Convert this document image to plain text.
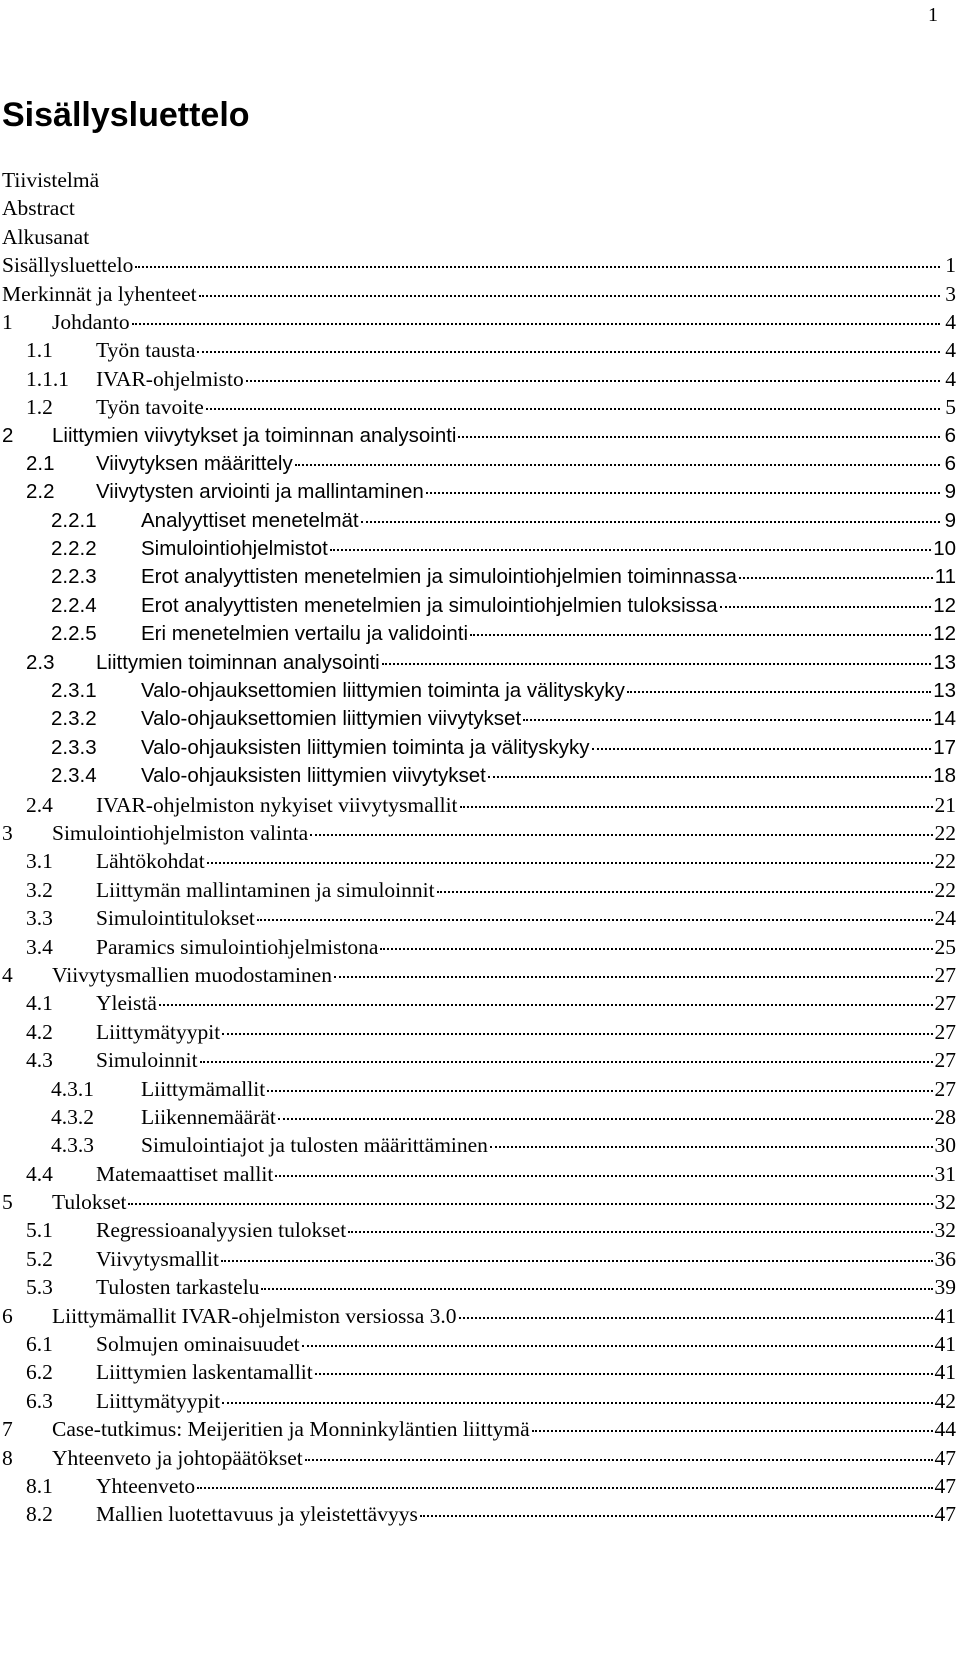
1
Sisällysluettelo
Tiivistelmä
Abstract
Alkusanat
Sisällysluettelo	1
Merkinnät ja lyhenteet	3
1	Johdanto	4
1.1	Työn tausta	4
1.1.1	IVAR-ohjelmisto	4
1.2	Työn tavoite	5
2	Liittymien viivytykset ja toiminnan analysointi	6
2.1	Viivytyksen määrittely	6
2.2	Viivytysten arviointi ja mallintaminen	9
2.2.1	Analyyttiset menetelmät	9
2.2.2	Simulointiohjelmistot	10
2.2.3	Erot analyyttisten menetelmien ja simulointiohjelmien toiminnassa	11
2.2.4	Erot analyyttisten menetelmien ja simulointiohjelmien tuloksissa	12
2.2.5	Eri menetelmien vertailu ja validointi	12
2.3	Liittymien toiminnan analysointi	13
2.3.1	Valo-ohjauksettomien liittymien toiminta ja välityskyky	13
2.3.2	Valo-ohjauksettomien liittymien viivytykset	14
2.3.3	Valo-ohjauksisten liittymien toiminta ja välityskyky	17
2.3.4	Valo-ohjauksisten liittymien viivytykset	18
2.4	IVAR-ohjelmiston nykyiset viivytysmallit	21
3	Simulointiohjelmiston valinta	22
3.1	Lähtökohdat	22
3.2	Liittymän mallintaminen ja simuloinnit	22
3.3	Simulointitulokset	24
3.4	Paramics simulointiohjelmistona	25
4	Viivytysmallien muodostaminen	27
4.1	Yleistä	27
4.2	Liittymätyypit	27
4.3	Simuloinnit	27
4.3.1	Liittymämallit	27
4.3.2	Liikennemäärät	28
4.3.3	Simulointiajot ja tulosten määrittäminen	30
4.4	Matemaattiset mallit	31
5	Tulokset	32
5.1	Regressioanalyysien tulokset	32
5.2	Viivytysmallit	36
5.3	Tulosten tarkastelu	39
6	Liittymämallit IVAR-ohjelmiston versiossa 3.0	41
6.1	Solmujen ominaisuudet	41
6.2	Liittymien laskentamallit	41
6.3	Liittymätyypit	42
7	Case-tutkimus: Meijeritien ja Monninkyläntien liittymä	44
8	Yhteenveto ja johtopäätökset	47
8.1	Yhteenveto	47
8.2	Mallien luotettavuus ja yleistettävyys	47
